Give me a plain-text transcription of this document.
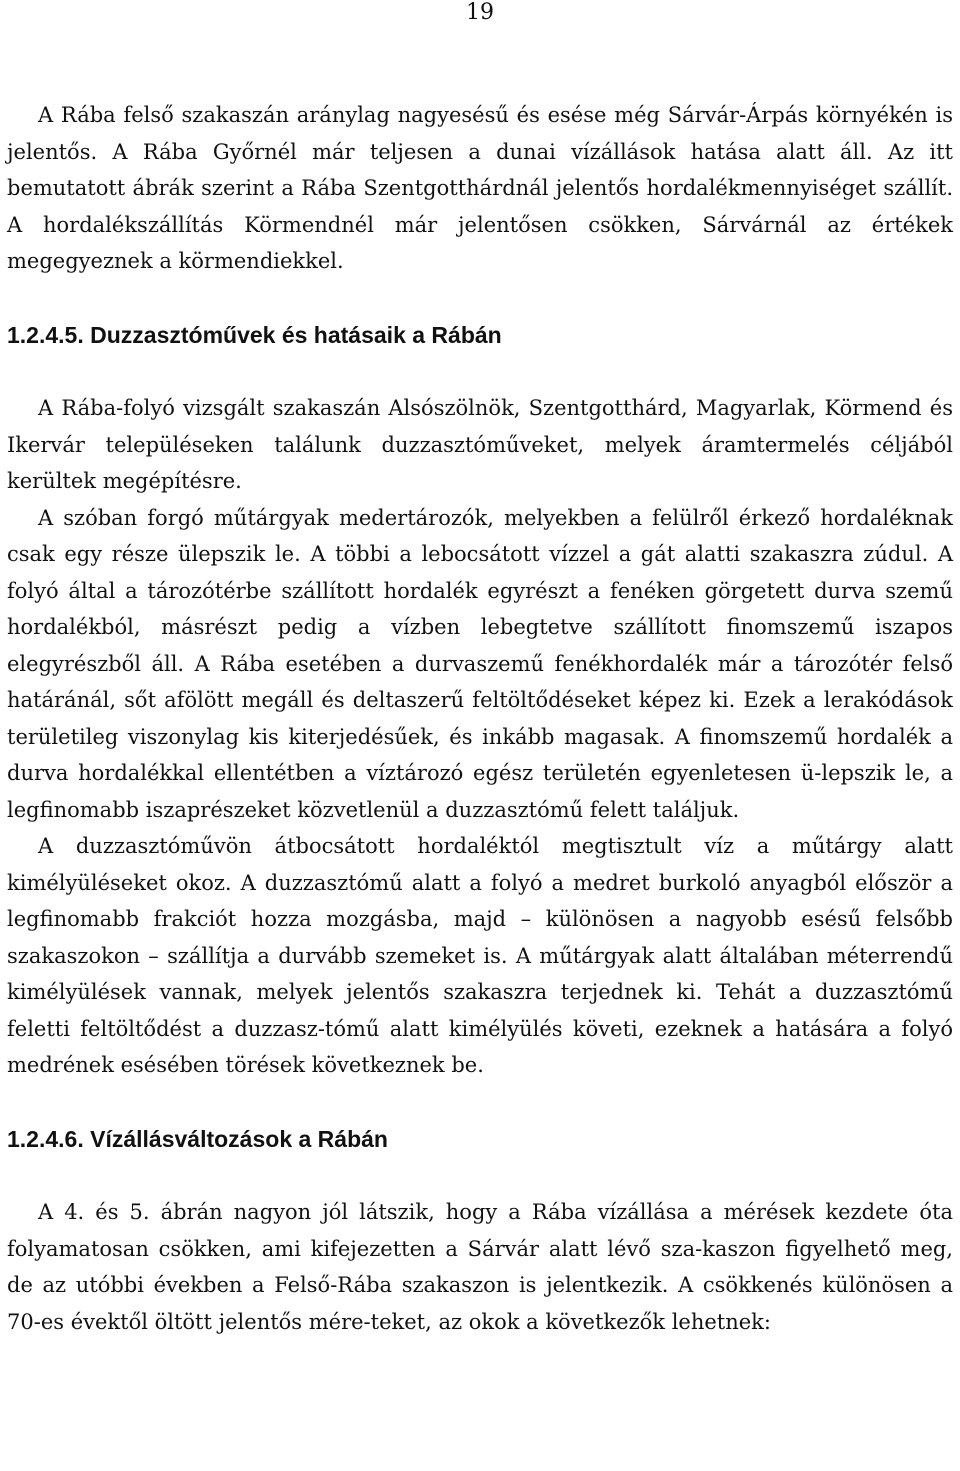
19

A Rába felső szakaszán aránylag nagyesésű és esése még Sárvár-Árpás környékén is jelentős. A Rába Győrnél már teljesen a dunai vízállások hatása alatt áll. Az itt bemutatott ábrák szerint a Rába Szentgotthárdnál jelentős hordalékmennyiséget szállít. A hordalékszállítás Körmendnél már jelentősen csökken, Sárvárnál az értékek megegyeznek a körmendiekkel.

1.2.4.5. Duzzasztóművek és hatásaik a Rábán

A Rába-folyó vizsgált szakaszán Alsószölnök, Szentgotthárd, Magyarlak, Körmend és Ikervár településeken találunk duzzasztóműveket, melyek áramtermelés céljából kerültek megépítésre.

A szóban forgó műtárgyak medertározók, melyekben a felülről érkező hordaléknak csak egy része ülepszik le. A többi a lebocsátott vízzel a gát alatti szakaszra zúdul. A folyó által a tározótérbe szállított hordalék egyrészt a fenéken görgetett durva szemű hordalékból, másrészt pedig a vízben lebegtetve szállított finomszemű iszapos elegyrészből áll. A Rába esetében a durvaszemű fenékhordalék már a tározótér felső határánál, sőt afölött megáll és deltaszerű feltöltődéseket képez ki. Ezek a lerakódások területileg viszonylag kis kiterjedésűek, és inkább magasak. A finomszemű hordalék a durva hordalékkal ellentétben a víztározó egész területén egyenletesen ü-lepszik le, a legfinomabb iszaprészeket közvetlenül a duzzasztómű felett találjuk.

A duzzasztóművön átbocsátott hordaléktól megtisztult víz a műtárgy alatt kimélyüléseket okoz. A duzzasztómű alatt a folyó a medret burkoló anyagból először a legfinomabb frakciót hozza mozgásba, majd – különösen a nagyobb esésű felsőbb szakaszokon – szállítja a durvább szemeket is. A műtárgyak alatt általában méterrendű kimélyülések vannak, melyek jelentős szakaszra terjednek ki. Tehát a duzzasztómű feletti feltöltődést a duzzasz-tómű alatt kimélyülés követi, ezeknek a hatására a folyó medrének esésében törések következnek be.

1.2.4.6. Vízállásváltozások a Rábán

A 4. és 5. ábrán nagyon jól látszik, hogy a Rába vízállása a mérések kezdete óta folyamatosan csökken, ami kifejezetten a Sárvár alatt lévő sza-kaszon figyelhető meg, de az utóbbi években a Felső-Rába szakaszon is jelentkezik. A csökkenés különösen a 70-es évektől öltött jelentős mére-teket, az okok a következők lehetnek:
